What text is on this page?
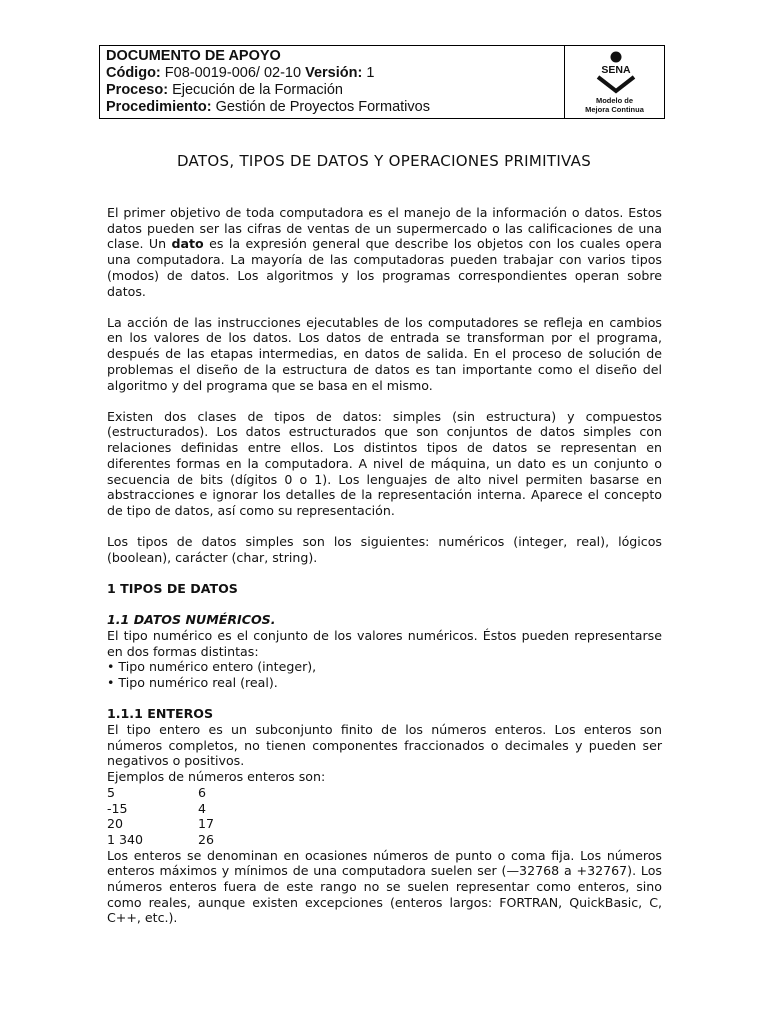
DOCUMENTO DE APOYO
Código: F08-0019-006/ 02-10 Versión: 1
Proceso: Ejecución de la Formación
Procedimiento: Gestión de Proyectos Formativos
SENA
Modelo de
Mejora Continua
DATOS, TIPOS DE DATOS Y OPERACIONES PRIMITIVAS

El primer objetivo de toda computadora es el manejo de la información o datos. Estos datos pueden ser las cifras de ventas de un supermercado o las calificaciones de una clase. Un dato es la expresión general que describe los objetos con los cuales opera una computadora. La mayoría de las computadoras pueden trabajar con varios tipos (modos) de datos. Los algoritmos y los programas correspondientes operan sobre datos.

La acción de las instrucciones ejecutables de los computadores se refleja en cambios en los valores de los datos. Los datos de entrada se transforman por el programa, después de las etapas intermedias, en datos de salida. En el proceso de solución de problemas el diseño de la estructura de datos es tan importante como el diseño del algoritmo y del programa que se basa en el mismo.

Existen dos clases de tipos de datos: simples (sin estructura) y compuestos (estructurados). Los datos estructurados que son conjuntos de datos simples con relaciones definidas entre ellos. Los distintos tipos de datos se representan en diferentes formas en la computadora. A nivel de máquina, un dato es un conjunto o secuencia de bits (dígitos 0 o 1). Los lenguajes de alto nivel permiten basarse en abstracciones e ignorar los detalles de la representación interna. Aparece el concepto de tipo de datos, así como su representación.

Los tipos de datos simples son los siguientes: numéricos (integer, real), lógicos (boolean), carácter (char, string).

1 TIPOS DE DATOS

1.1 DATOS NUMÉRICOS.

El tipo numérico es el conjunto de los valores numéricos. Éstos pueden representarse en dos formas distintas:

• Tipo numérico entero (integer),

• Tipo numérico real (real).

1.1.1 ENTEROS

El tipo entero es un subconjunto finito de los números enteros. Los enteros son números completos, no tienen componentes fraccionados o decimales y pueden ser negativos o positivos.

Ejemplos de números enteros son:

5	6
-15	4
20	17
1 340	26

Los enteros se denominan en ocasiones números de punto o coma fija. Los números enteros máximos y mínimos de una computadora suelen ser (—32768 a +32767). Los números enteros fuera de este rango no se suelen representar como enteros, sino como reales, aunque existen excepciones (enteros largos: FORTRAN, QuickBasic, C, C++, etc.).
